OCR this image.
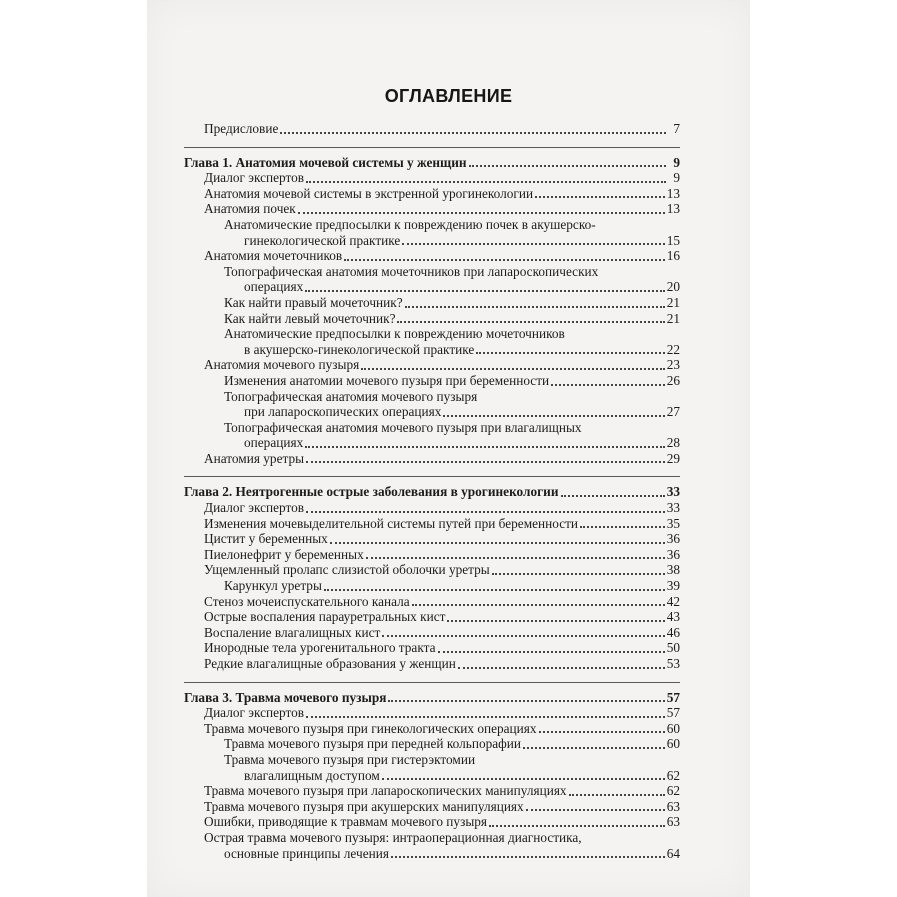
ОГЛАВЛЕНИЕ
Предисловие	7
Глава 1. Анатомия мочевой системы у женщин	9
Диалог экспертов	9
Анатомия мочевой системы в экстренной урогинекологии	13
Анатомия почек	13
Анатомические предпосылки к повреждению почек в акушерско-
гинекологической практике	15
Анатомия мочеточников	16
Топографическая анатомия мочеточников при лапароскопических
операциях	20
Как найти правый мочеточник?	21
Как найти левый мочеточник?	21
Анатомические предпосылки к повреждению мочеточников
в акушерско-гинекологической практике	22
Анатомия мочевого пузыря	23
Изменения анатомии мочевого пузыря при беременности	26
Топографическая анатомия мочевого пузыря
при лапароскопических операциях	27
Топографическая анатомия мочевого пузыря при влагалищных
операциях	28
Анатомия уретры	29
Глава 2. Неятрогенные острые заболевания в урогинекологии	33
Диалог экспертов	33
Изменения мочевыделительной системы путей при беременности	35
Цистит у беременных	36
Пиелонефрит у беременных	36
Ущемленный пролапс слизистой оболочки уретры	38
Карункул уретры	39
Стеноз мочеиспускательного канала	42
Острые воспаления парауретральных кист	43
Воспаление влагалищных кист	46
Инородные тела урогенитального тракта	50
Редкие влагалищные образования у женщин	53
Глава 3. Травма мочевого пузыря	57
Диалог экспертов	57
Травма мочевого пузыря при гинекологических операциях	60
Травма мочевого пузыря при передней кольпорафии	60
Травма мочевого пузыря при гистерэктомии
влагалищным доступом	62
Травма мочевого пузыря при лапароскопических манипуляциях	62
Травма мочевого пузыря при акушерских манипуляциях	63
Ошибки, приводящие к травмам мочевого пузыря	63
Острая травма мочевого пузыря: интраоперационная диагностика,
основные принципы лечения	64
